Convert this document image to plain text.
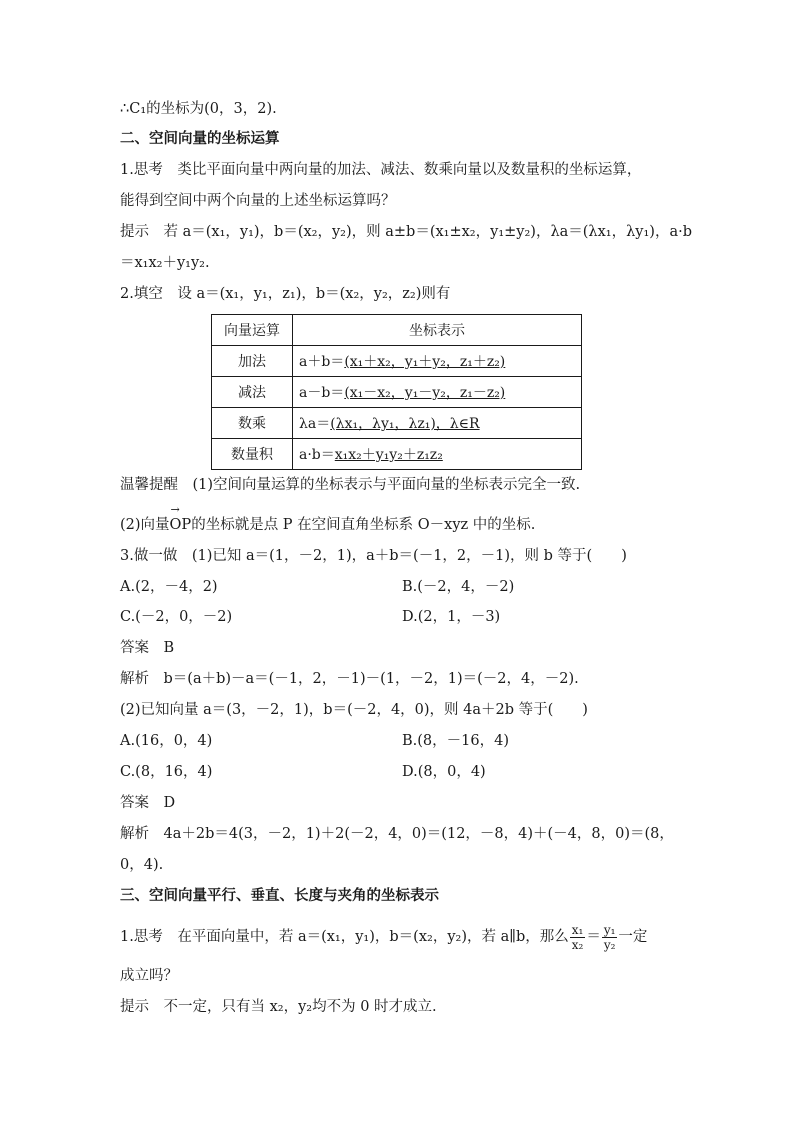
∴C₁的坐标为(0，3，2).
二、空间向量的坐标运算
1.思考　类比平面向量中两向量的加法、减法、数乘向量以及数量积的坐标运算，
能得到空间中两个向量的上述坐标运算吗？
提示　若 a＝(x₁，y₁)，b＝(x₂，y₂)，则 a±b＝(x₁±x₂，y₁±y₂)，λa＝(λx₁，λy₁)，a·b
＝x₁x₂＋y₁y₂.
2.填空　设 a＝(x₁，y₁，z₁)，b＝(x₂，y₂，z₂)则有
向量运算	坐标表示
加法	a＋b＝(x₁＋x₂，y₁＋y₂，z₁＋z₂)
减法	a－b＝(x₁－x₂，y₁－y₂，z₁－z₂)
数乘	λa＝(λx₁，λy₁，λz₁)，λ∈R
数量积	a·b＝x₁x₂＋y₁y₂＋z₁z₂
温馨提醒　(1)空间向量运算的坐标表示与平面向量的坐标表示完全一致.
(2)向量→ OP的坐标就是点 P 在空间直角坐标系 O－xyz 中的坐标.
3.做一做　(1)已知 a＝(1，－2，1)，a＋b＝(－1，2，－1)，则 b 等于(　　)
A.(2，－4，2)	B.(－2，4，－2)
C.(－2，0，－2)	D.(2，1，－3)
答案　B
解析　b＝(a＋b)－a＝(－1，2，－1)－(1，－2，1)＝(－2，4，－2).
(2)已知向量 a＝(3，－2，1)，b＝(－2，4，0)，则 4a＋2b 等于(　　)
A.(16，0，4)	B.(8，－16，4)
C.(8，16，4)	D.(8，0，4)
答案　D
解析　4a＋2b＝4(3，－2，1)＋2(－2，4，0)＝(12，－8，4)＋(－4，8，0)＝(8，
0，4).
三、空间向量平行、垂直、长度与夹角的坐标表示
1.思考　在平面向量中，若 a＝(x₁，y₁)，b＝(x₂，y₂)，若 a∥b，那么 $\frac{\text{x₁}}{\text{x₂}} = \frac{\text{y₁}}{\text{y₂}}$ 一定
成立吗？
提示　不一定，只有当 x₂，y₂均不为 0 时才成立.
